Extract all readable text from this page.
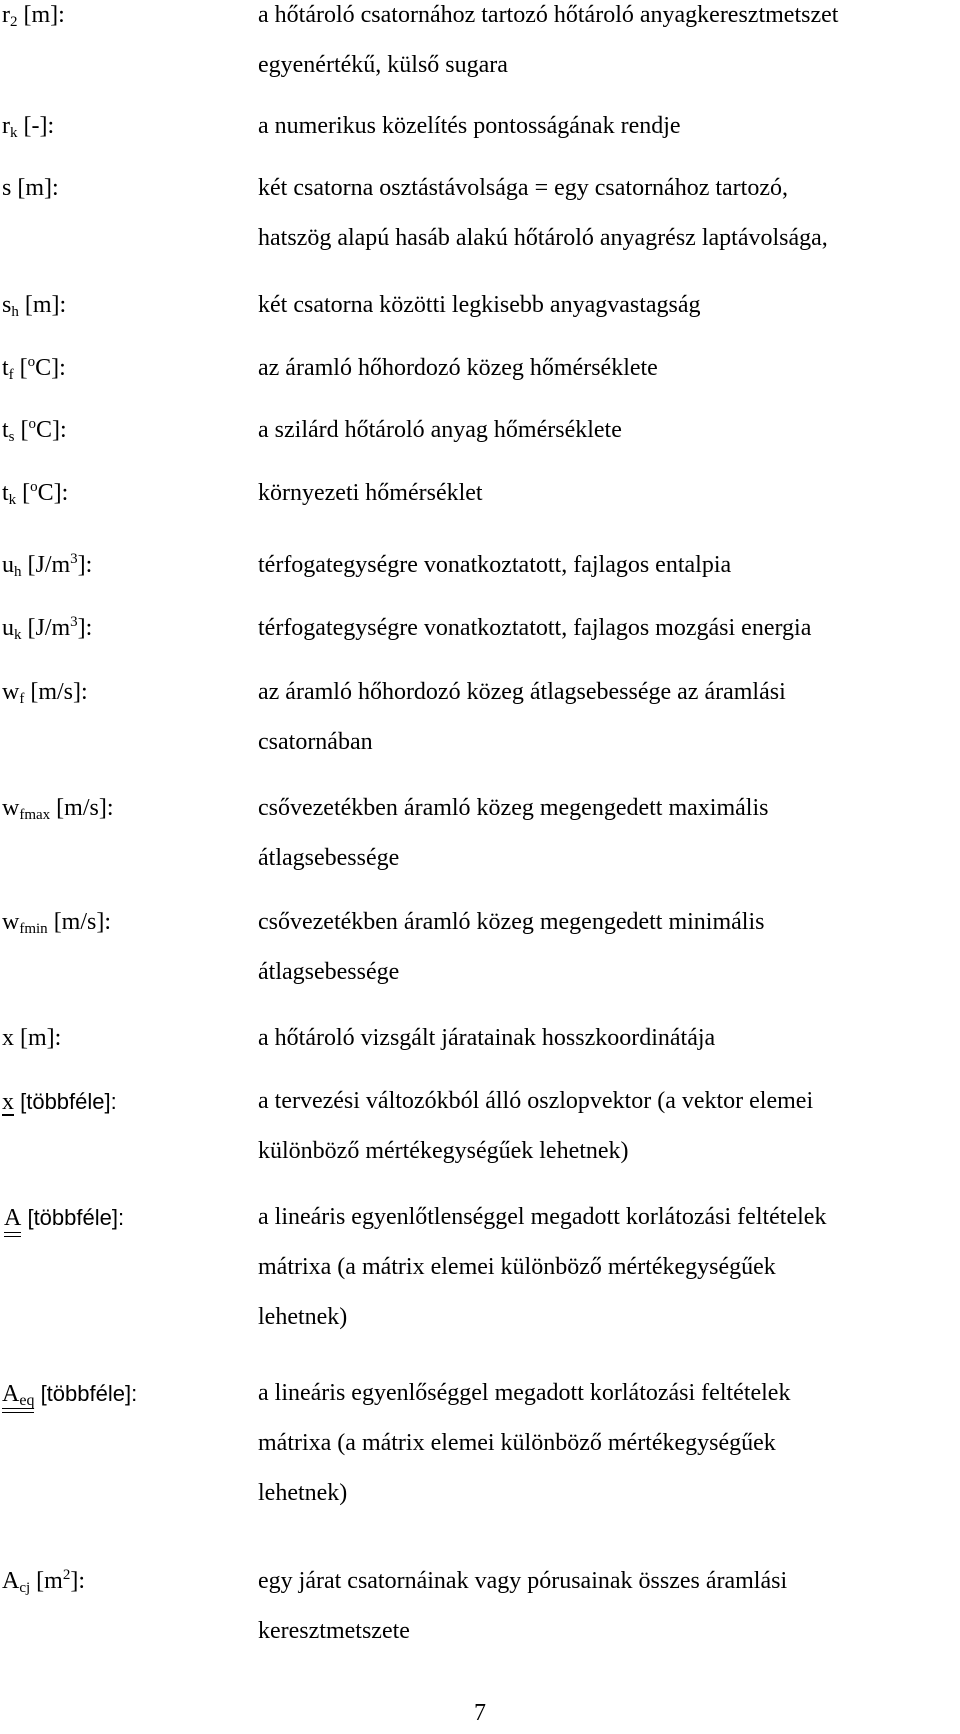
$r_2$ [m]:	a hőtároló csatornához tartozó hőtároló anyagkeresztmetszet
egyenértékű, külső sugara
$r_k$ [-]:	a numerikus közelítés pontosságának rendje
s [m]:	két csatorna osztástávolsága = egy csatornához tartozó,
hatszög alapú hasáb alakú hőtároló anyagrész laptávolsága,
$s_h$ [m]:	két csatorna közötti legkisebb anyagvastagság
$t_f$ [$^o$C]:	az áramló hőhordozó közeg hőmérséklete
$t_s$ [$^o$C]:	a szilárd hőtároló anyag hőmérséklete
$t_k$ [$^o$C]:	környezeti hőmérséklet
$u_h$ $[J/m^3]$:	térfogategységre vonatkoztatott, fajlagos entalpia
$u_k$ $[J/m^3]$:	térfogategységre vonatkoztatott, fajlagos mozgási energia
$w_f$ [m/s]:	az áramló hőhordozó közeg átlagsebessége az áramlási
csatornában
$w_{fmax}$ [m/s]:	csővezetékben áramló közeg megengedett maximális
átlagsebessége
$w_{fmin}$ [m/s]:	csővezetékben áramló közeg megengedett minimális
átlagsebessége
x [m]:	a hőtároló vizsgált járatainak hosszkoordinátája
x [többféle]:	a tervezési változókból álló oszlopvektor (a vektor elemei
különböző mértékegységűek lehetnek)
A [többféle]:	a lineáris egyenlőtlenséggel megadott korlátozási feltételek
mátrixa (a mátrix elemei különböző mértékegységűek
lehetnek)
$A_{eq}$ [többféle]:	a lineáris egyenlőséggel megadott korlátozási feltételek
mátrixa (a mátrix elemei különböző mértékegységűek
lehetnek)
$A_{cj}$ $[m^2]$:	egy járat csatornáinak vagy pórusainak összes áramlási
keresztmetszete
7
